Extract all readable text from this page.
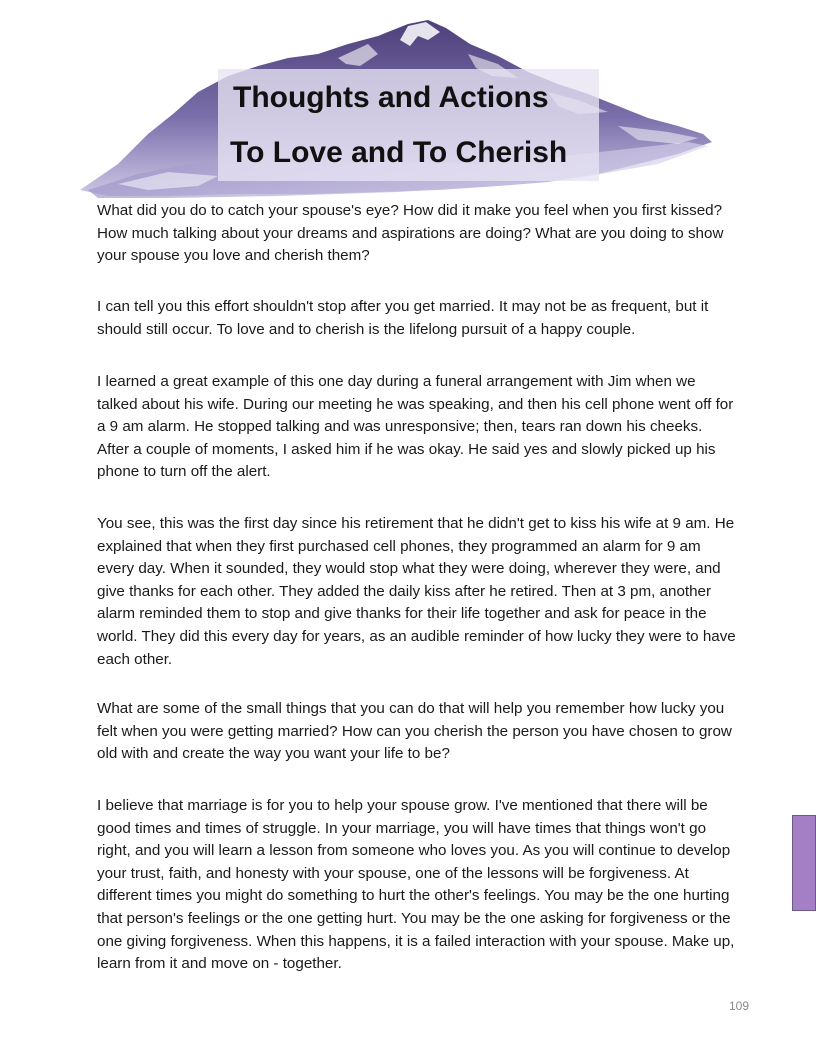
Thoughts and Actions
To Love and To Cherish

What did you do to catch your spouse's eye? How did it make you feel when you first kissed? How much talking about your dreams and aspirations are doing? What are you doing to show your spouse you love and cherish them?

I can tell you this effort shouldn't stop after you get married. It may not be as frequent, but it should still occur. To love and to cherish is the lifelong pursuit of a happy couple.

I learned a great example of this one day during a funeral arrangement with Jim when we talked about his wife. During our meeting he was speaking, and then his cell phone went off for a 9 am alarm. He stopped talking and was unresponsive; then, tears ran down his cheeks. After a couple of moments, I asked him if he was okay. He said yes and slowly picked up his phone to turn off the alert.

You see, this was the first day since his retirement that he didn't get to kiss his wife at 9 am. He explained that when they first purchased cell phones, they programmed an alarm for 9 am every day. When it sounded, they would stop what they were doing, wherever they were, and give thanks for each other. They added the daily kiss after he retired. Then at 3 pm, another alarm reminded them to stop and give thanks for their life together and ask for peace in the world. They did this every day for years, as an audible reminder of how lucky they were to have each other.

What are some of the small things that you can do that will help you remember how lucky you felt when you were getting married? How can you cherish the person you have chosen to grow old with and create the way you want your life to be?

I believe that marriage is for you to help your spouse grow. I've mentioned that there will be good times and times of struggle. In your marriage, you will have times that things won't go right, and you will learn a lesson from someone who loves you. As you will continue to develop your trust, faith, and honesty with your spouse, one of the lessons will be forgiveness. At different times you might do something to hurt the other's feelings. You may be the one hurting that person's feelings or the one getting hurt. You may be the one asking for forgiveness or the one giving forgiveness. When this happens, it is a failed interaction with your spouse. Make up, learn from it and move on - together.

109
